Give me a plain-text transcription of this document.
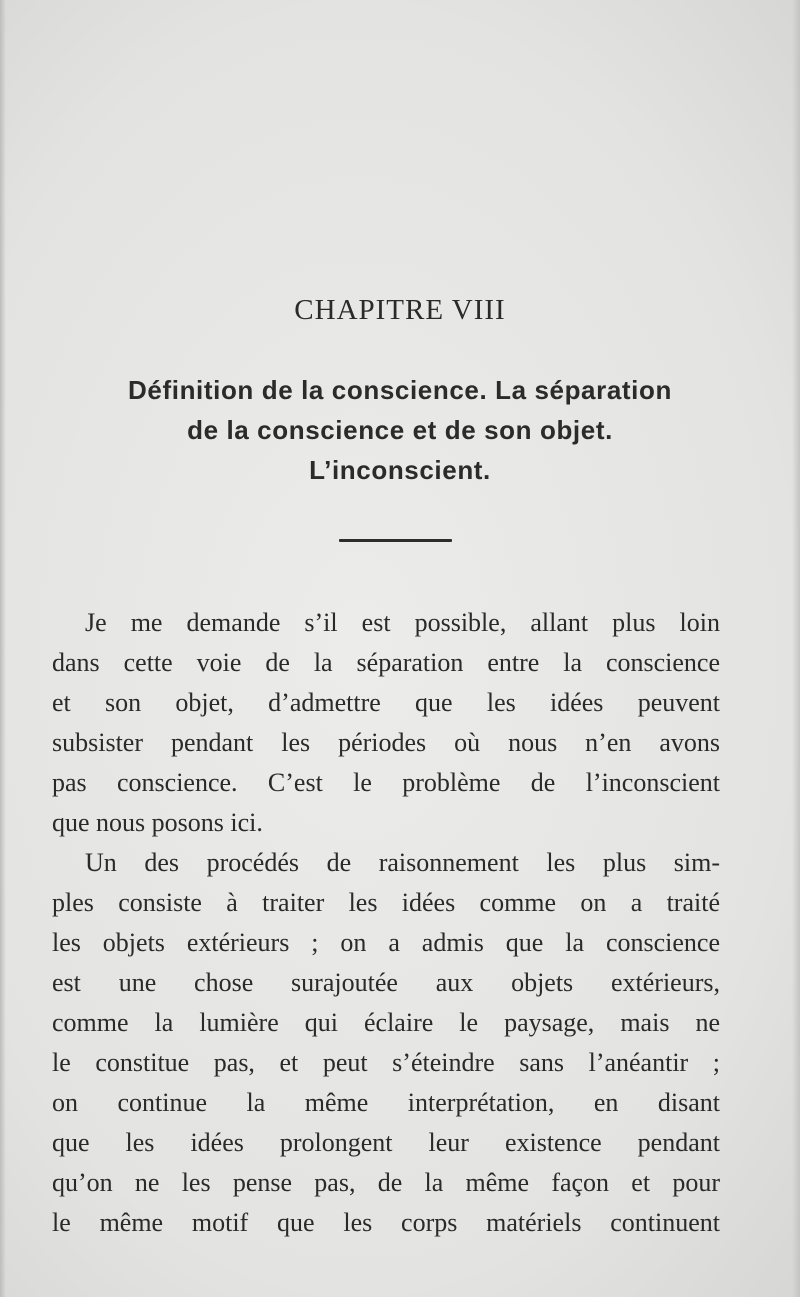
CHAPITRE VIII
Définition de la conscience. La séparation
de la conscience et de son objet.
L’inconscient.
Je me demande s’il est possible, allant plus loin
dans cette voie de la séparation entre la conscience
et son objet, d’admettre que les idées peuvent
subsister pendant les périodes où nous n’en avons
pas conscience. C’est le problème de l’inconscient
que nous posons ici.
Un des procédés de raisonnement les plus sim-
ples consiste à traiter les idées comme on a traité
les objets extérieurs ; on a admis que la conscience
est une chose surajoutée aux objets extérieurs,
comme la lumière qui éclaire le paysage, mais ne
le constitue pas, et peut s’éteindre sans l’anéantir ;
on continue la même interprétation, en disant
que les idées prolongent leur existence pendant
qu’on ne les pense pas, de la même façon et pour
le même motif que les corps matériels continuent
